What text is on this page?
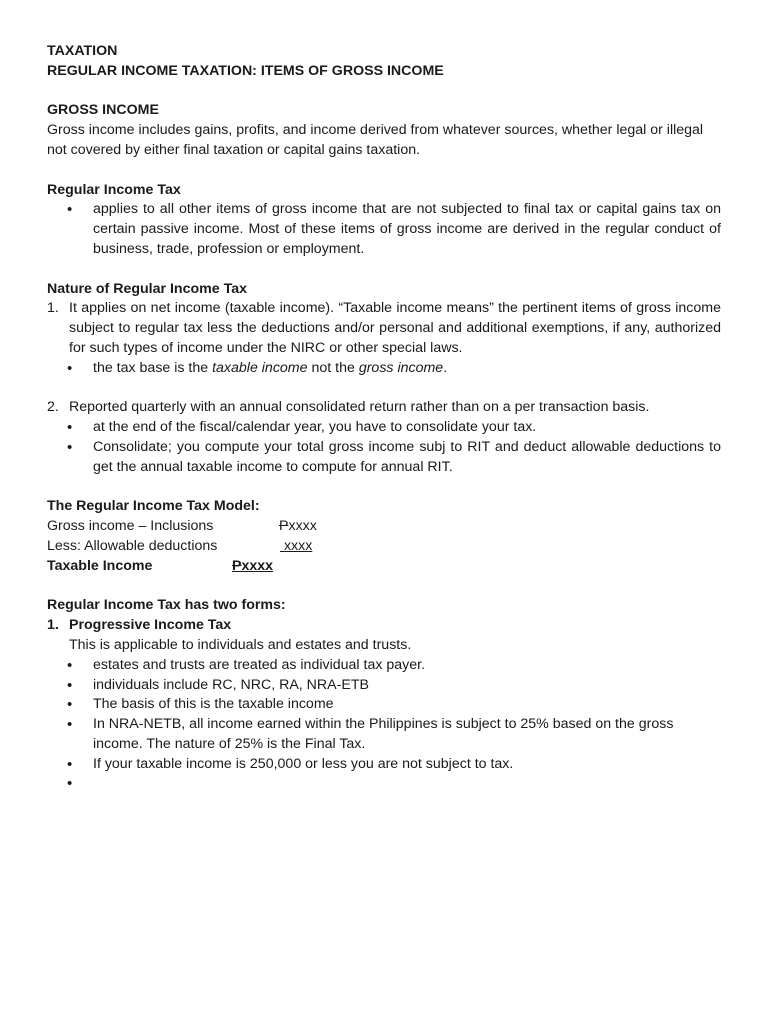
TAXATION

REGULAR INCOME TAXATION: ITEMS OF GROSS INCOME

GROSS INCOME

Gross income includes gains, profits, and income derived from whatever sources, whether legal or illegal not covered by either final taxation or capital gains taxation.

Regular Income Tax

• applies to all other items of gross income that are not subjected to final tax or capital gains tax on certain passive income. Most of these items of gross income are derived in the regular conduct of business, trade, profession or employment.

Nature of Regular Income Tax

1. It applies on net income (taxable income). “Taxable income means” the pertinent items of gross income subject to regular tax less the deductions and/or personal and additional exemptions, if any, authorized for such types of income under the NIRC or other special laws.
• the tax base is the taxable income not the gross income.
2. Reported quarterly with an annual consolidated return rather than on a per transaction basis.
• at the end of the fiscal/calendar year, you have to consolidate your tax.
• Consolidate; you compute your total gross income subj to RIT and deduct allowable deductions to get the annual taxable income to compute for annual RIT.

The Regular Income Tax Model:

Gross income – Inclusions	Pxxxx
Less: Allowable deductions	xxxx
Taxable Income	Pxxxx

Regular Income Tax has two forms:

1. Progressive Income Tax

This is applicable to individuals and estates and trusts.

• estates and trusts are treated as individual tax payer.
• individuals include RC, NRC, RA, NRA-ETB
• The basis of this is the taxable income
• In NRA-NETB, all income earned within the Philippines is subject to 25% based on the gross income. The nature of 25% is the Final Tax.
• If your taxable income is 250,000 or less you are not subject to tax.
•
